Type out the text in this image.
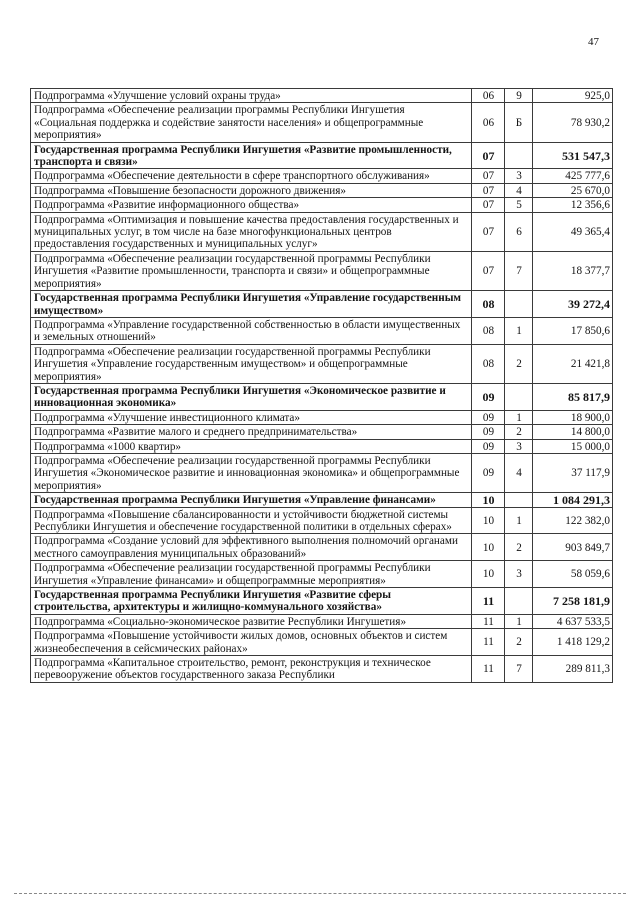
47
Подпрограмма «Улучшение условий охраны труда»	06	9	925,0
Подпрограмма «Обеспечение реализации программы Республики Ингушетия «Социальная поддержка и содействие занятости населения» и общепрограммные мероприятия»	06	Б	78 930,2
Государственная программа Республики Ингушетия «Развитие промышленности, транспорта и связи»	07		531 547,3
Подпрограмма «Обеспечение деятельности в сфере транспортного обслуживания»	07	3	425 777,6
Подпрограмма «Повышение безопасности дорожного движения»	07	4	25 670,0
Подпрограмма «Развитие информационного общества»	07	5	12 356,6
Подпрограмма «Оптимизация и повышение качества предоставления государственных и муниципальных услуг, в том числе на базе многофункциональных центров предоставления государственных и муниципальных услуг»	07	6	49 365,4
Подпрограмма «Обеспечение реализации государственной программы Республики Ингушетия «Развитие промышленности, транспорта и связи» и общепрограммные мероприятия»	07	7	18 377,7
Государственная программа Республики Ингушетия «Управление государственным имуществом»	08		39 272,4
Подпрограмма «Управление государственной собственностью в области имущественных и земельных отношений»	08	1	17 850,6
Подпрограмма «Обеспечение реализации государственной программы Республики Ингушетия «Управление государственным имуществом» и общепрограммные мероприятия»	08	2	21 421,8
Государственная программа Республики Ингушетия «Экономическое развитие и инновационная экономика»	09		85 817,9
Подпрограмма «Улучшение инвестиционного климата»	09	1	18 900,0
Подпрограмма «Развитие малого и среднего предпринимательства»	09	2	14 800,0
Подпрограмма «1000 квартир»	09	3	15 000,0
Подпрограмма «Обеспечение реализации государственной программы Республики Ингушетия «Экономическое развитие и инновационная экономика» и общепрограммные мероприятия»	09	4	37 117,9
Государственная программа Республики Ингушетия «Управление финансами»	10		1 084 291,3
Подпрограмма «Повышение сбалансированности и устойчивости бюджетной системы Республики Ингушетия и обеспечение государственной политики в отдельных сферах»	10	1	122 382,0
Подпрограмма «Создание условий для эффективного выполнения полномочий органами местного самоуправления муниципальных образований»	10	2	903 849,7
Подпрограмма «Обеспечение реализации государственной программы Республики Ингушетия «Управление финансами» и общепрограммные мероприятия»	10	3	58 059,6
Государственная программа Республики Ингушетия «Развитие сферы строительства, архитектуры и жилищно-коммунального хозяйства»	11		7 258 181,9
Подпрограмма «Социально-экономическое развитие Республики Ингушетия»	11	1	4 637 533,5
Подпрограмма «Повышение устойчивости жилых домов, основных объектов и систем жизнеобеспечения в сейсмических районах»	11	2	1 418 129,2
Подпрограмма «Капитальное строительство, ремонт, реконструкция и техническое перевооружение объектов государственного заказа Республики	11	7	289 811,3
